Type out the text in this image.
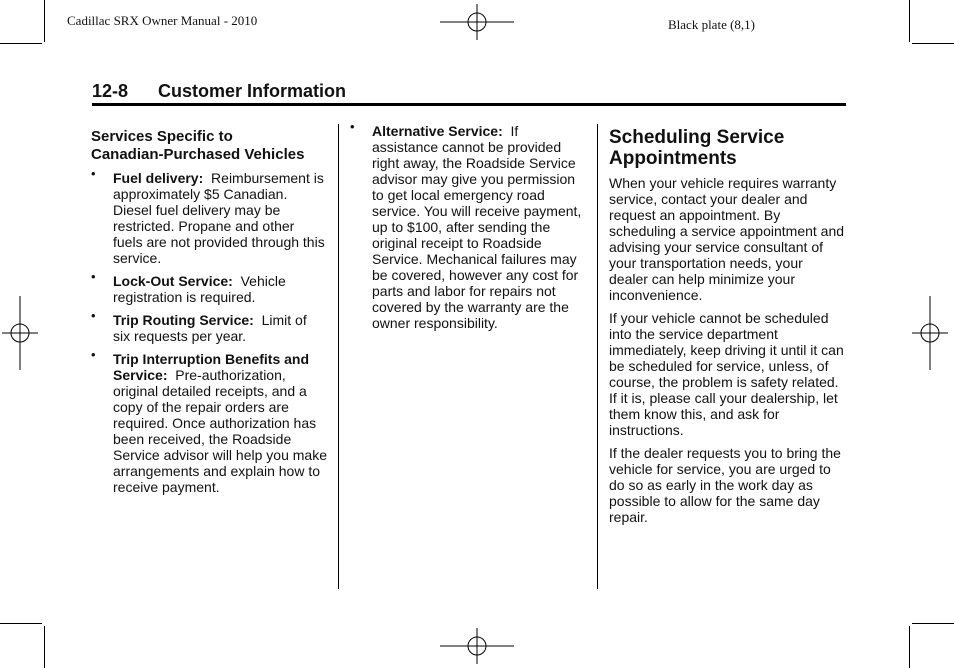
Cadillac SRX Owner Manual - 2010	Black plate (8,1)
12-8 Customer Information
Services Specific to
Canadian-Purchased Vehicles
• Fuel delivery: Reimbursement is approximately $5 Canadian. Diesel fuel delivery may be restricted. Propane and other fuels are not provided through this service.
• Lock-Out Service: Vehicle registration is required.
• Trip Routing Service: Limit of six requests per year.
• Trip Interruption Benefits and Service: Pre-authorization, original detailed receipts, and a copy of the repair orders are required. Once authorization has been received, the Roadside Service advisor will help you make arrangements and explain how to receive payment.
• Alternative Service: If assistance cannot be provided right away, the Roadside Service advisor may give you permission to get local emergency road service. You will receive payment, up to $100, after sending the original receipt to Roadside Service. Mechanical failures may be covered, however any cost for parts and labor for repairs not covered by the warranty are the owner responsibility.
Scheduling Service Appointments

When your vehicle requires warranty service, contact your dealer and request an appointment. By scheduling a service appointment and advising your service consultant of your transportation needs, your dealer can help minimize your inconvenience.

If your vehicle cannot be scheduled into the service department immediately, keep driving it until it can be scheduled for service, unless, of course, the problem is safety related. If it is, please call your dealership, let them know this, and ask for instructions.

If the dealer requests you to bring the vehicle for service, you are urged to do so as early in the work day as possible to allow for the same day repair.
